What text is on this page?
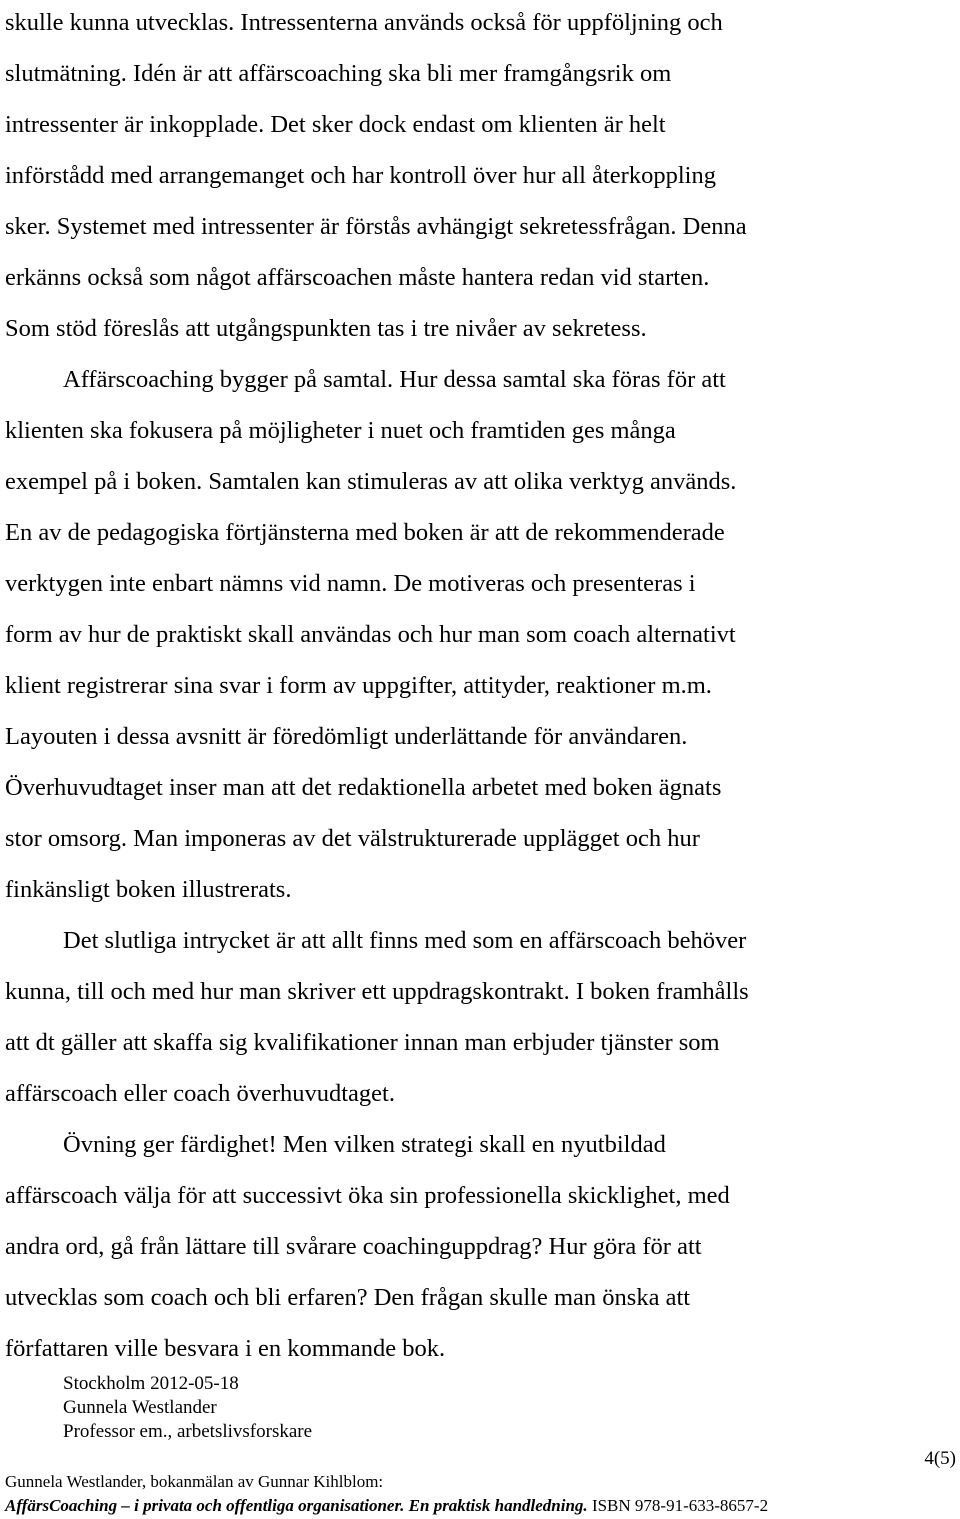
skulle kunna utvecklas. Intressenterna används också för uppföljning och
slutmätning. Idén är att affärscoaching ska bli mer framgångsrik om
intressenter är inkopplade. Det sker dock endast om klienten är helt
införstådd med arrangemanget och har kontroll över hur all återkoppling
sker. Systemet med intressenter är förstås avhängigt sekretessfrågan. Denna
erkänns också som något affärscoachen måste hantera redan vid starten.
Som stöd föreslås att utgångspunkten tas i tre nivåer av sekretess.
Affärscoaching bygger på samtal. Hur dessa samtal ska föras för att
klienten ska fokusera på möjligheter i nuet och framtiden ges många
exempel på i boken. Samtalen kan stimuleras av att olika verktyg används.
En av de pedagogiska förtjänsterna med boken är att de rekommenderade
verktygen inte enbart nämns vid namn. De motiveras och presenteras i
form av hur de praktiskt skall användas och hur man som coach alternativt
klient registrerar sina svar i form av uppgifter, attityder, reaktioner m.m.
Layouten i dessa avsnitt är föredömligt underlättande för användaren.
Överhuvudtaget inser man att det redaktionella arbetet med boken ägnats
stor omsorg. Man imponeras av det välstrukturerade upplägget och hur
finkänsligt boken illustrerats.
Det slutliga intrycket är att allt finns med som en affärscoach behöver
kunna, till och med hur man skriver ett uppdragskontrakt. I boken framhålls
att dt gäller att skaffa sig kvalifikationer innan man erbjuder tjänster som
affärscoach eller coach överhuvudtaget.
Övning ger färdighet! Men vilken strategi skall en nyutbildad
affärscoach välja för att successivt öka sin professionella skicklighet, med
andra ord, gå från lättare till svårare coachinguppdrag? Hur göra för att
utvecklas som coach och bli erfaren? Den frågan skulle man önska att
författaren ville besvara i en kommande bok.
Stockholm 2012-05-18
Gunnela Westlander
Professor em., arbetslivsforskare
4(5)
Gunnela Westlander, bokanmälan av Gunnar Kihlblom:
AffärsCoaching – i privata och offentliga organisationer. En praktisk handledning. ISBN 978-91-633-8657-2
